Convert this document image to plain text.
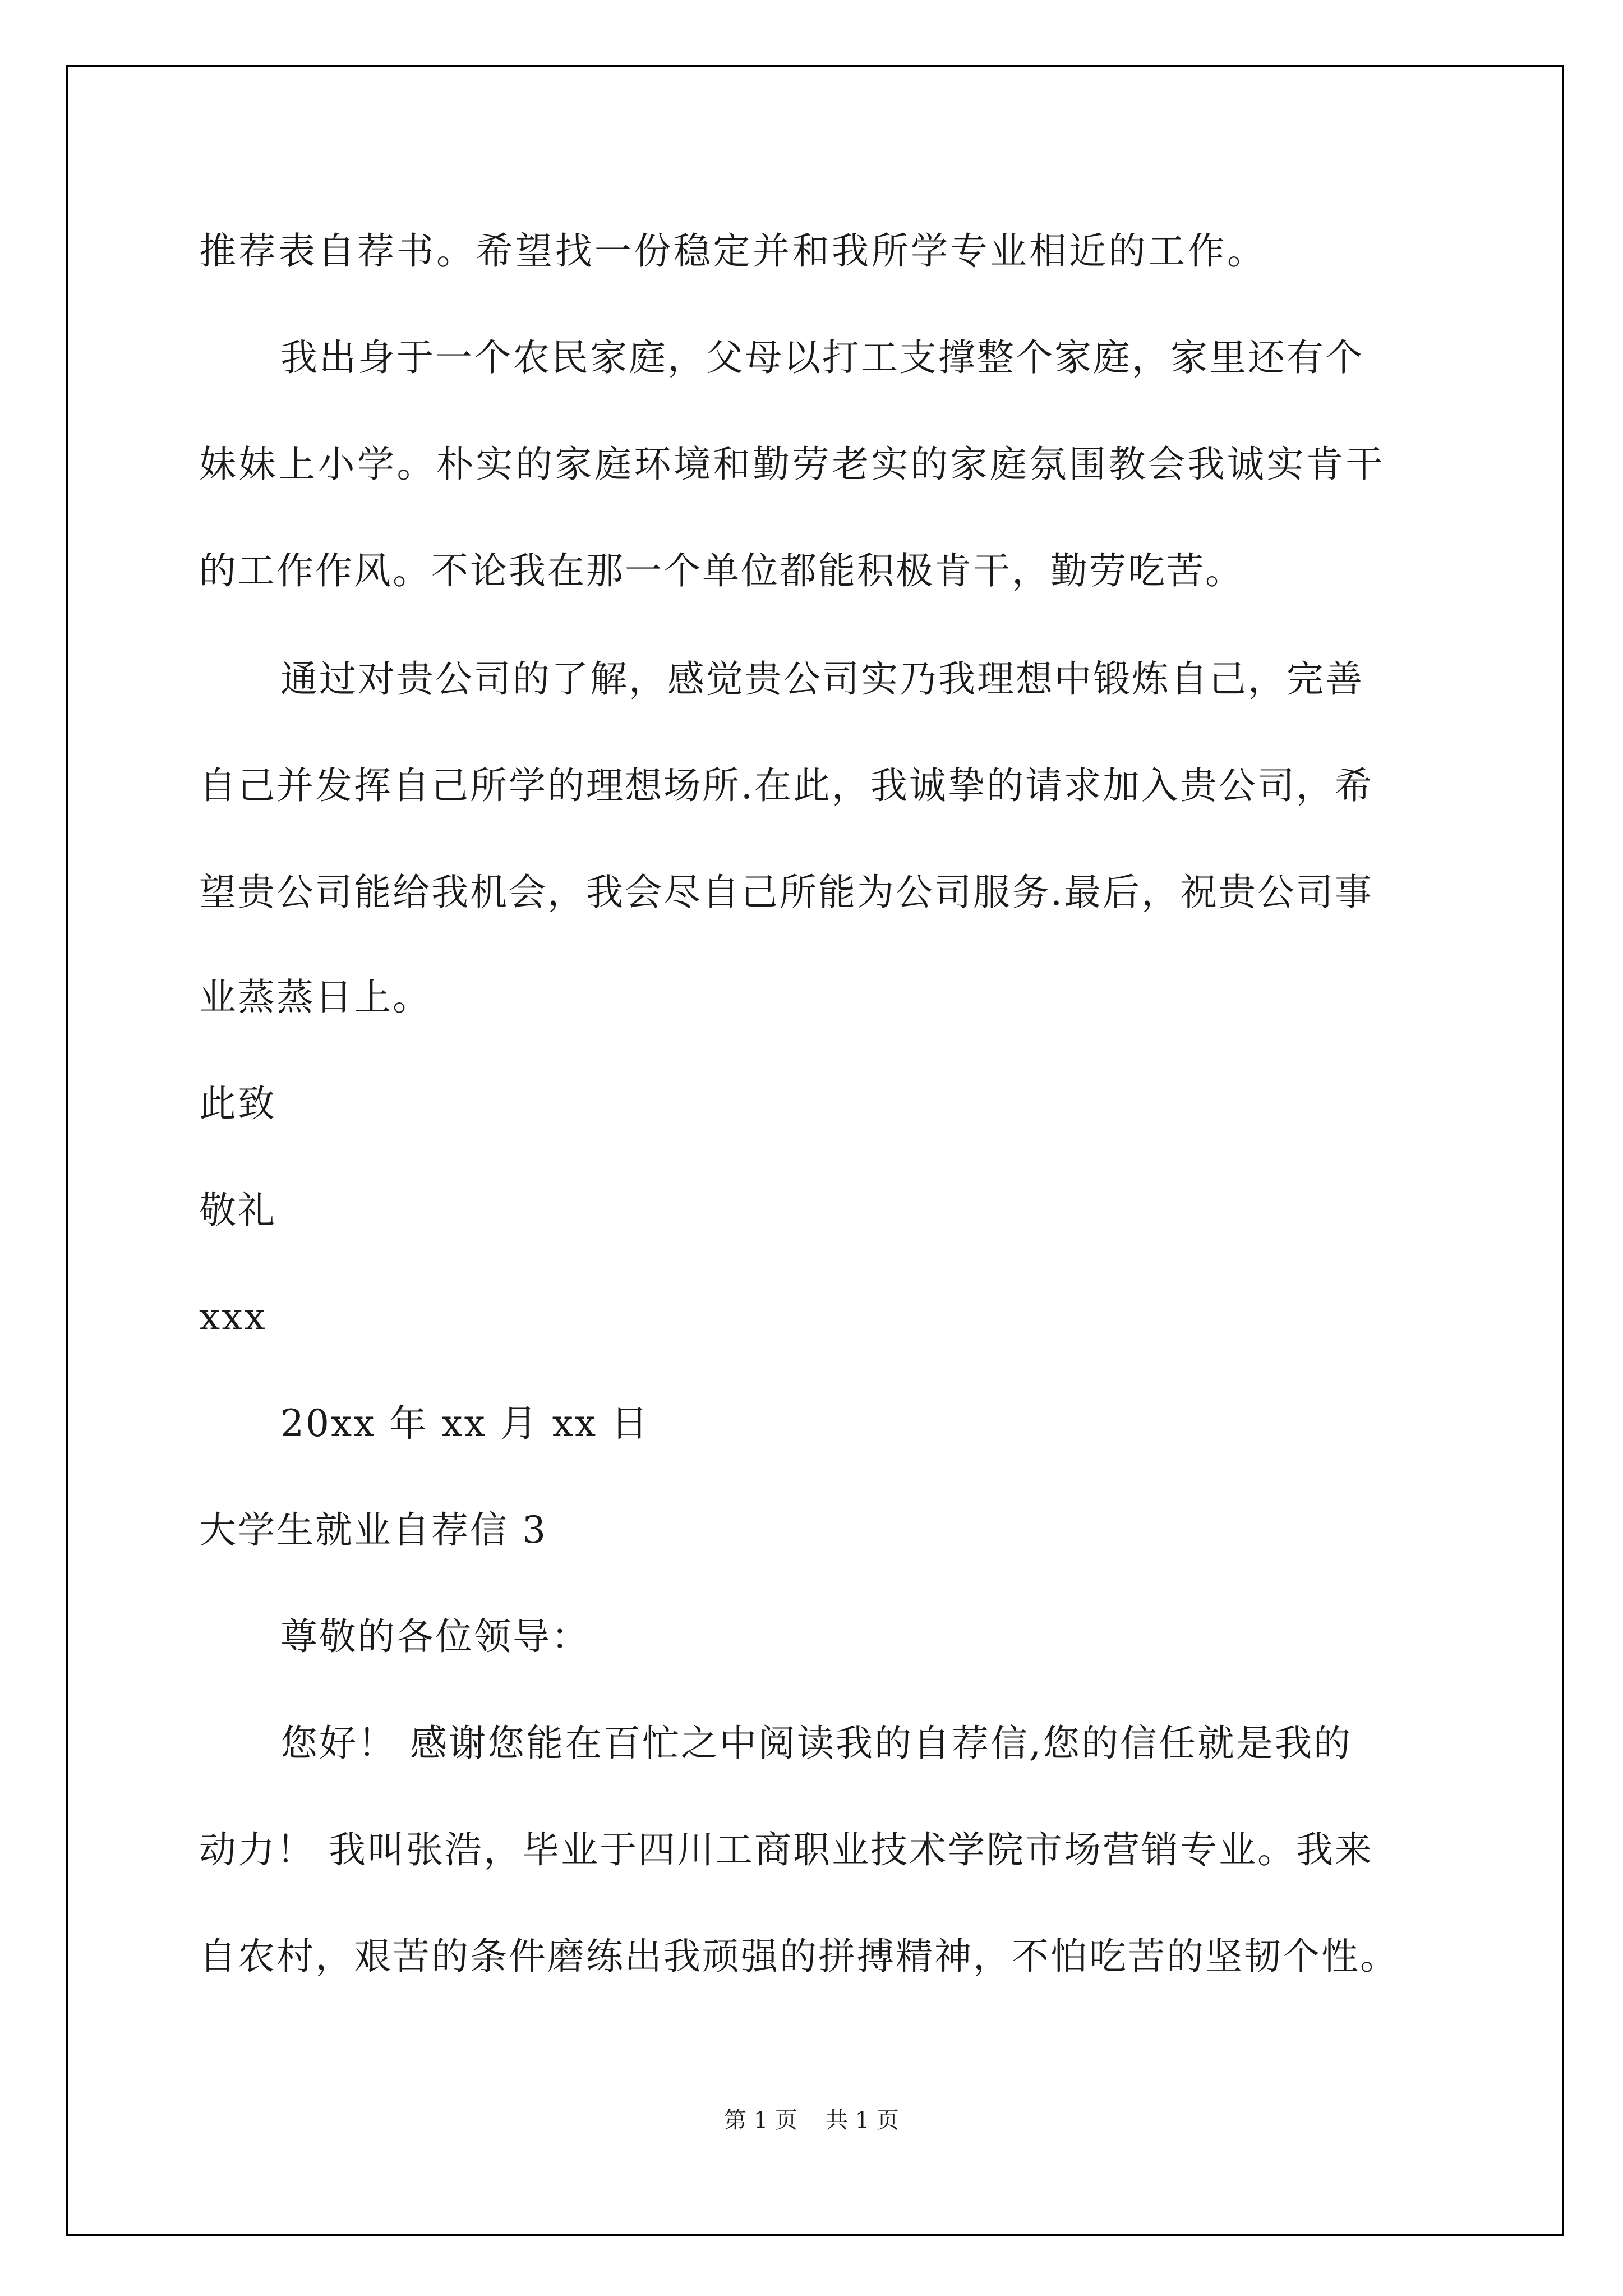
推荐表自荐书。希望找一份稳定并和我所学专业相近的工作。
我出身于一个农民家庭，父母以打工支撑整个家庭，家里还有个
妹妹上小学。朴实的家庭环境和勤劳老实的家庭氛围教会我诚实肯干
的工作作风。不论我在那一个单位都能积极肯干，勤劳吃苦。
通过对贵公司的了解，感觉贵公司实乃我理想中锻炼自己，完善
自己并发挥自己所学的理想场所.在此，我诚挚的请求加入贵公司，希
望贵公司能给我机会，我会尽自己所能为公司服务.最后，祝贵公司事
业蒸蒸日上。
此致
敬礼
xxx
20xx 年 xx 月 xx 日
大学生就业自荐信 3
尊敬的各位领导：
您好！ 感谢您能在百忙之中阅读我的自荐信,您的信任就是我的
动力！ 我叫张浩，毕业于四川工商职业技术学院市场营销专业。我来
自农村，艰苦的条件磨练出我顽强的拼搏精神，不怕吃苦的坚韧个性。
第 1 页 共 1 页
